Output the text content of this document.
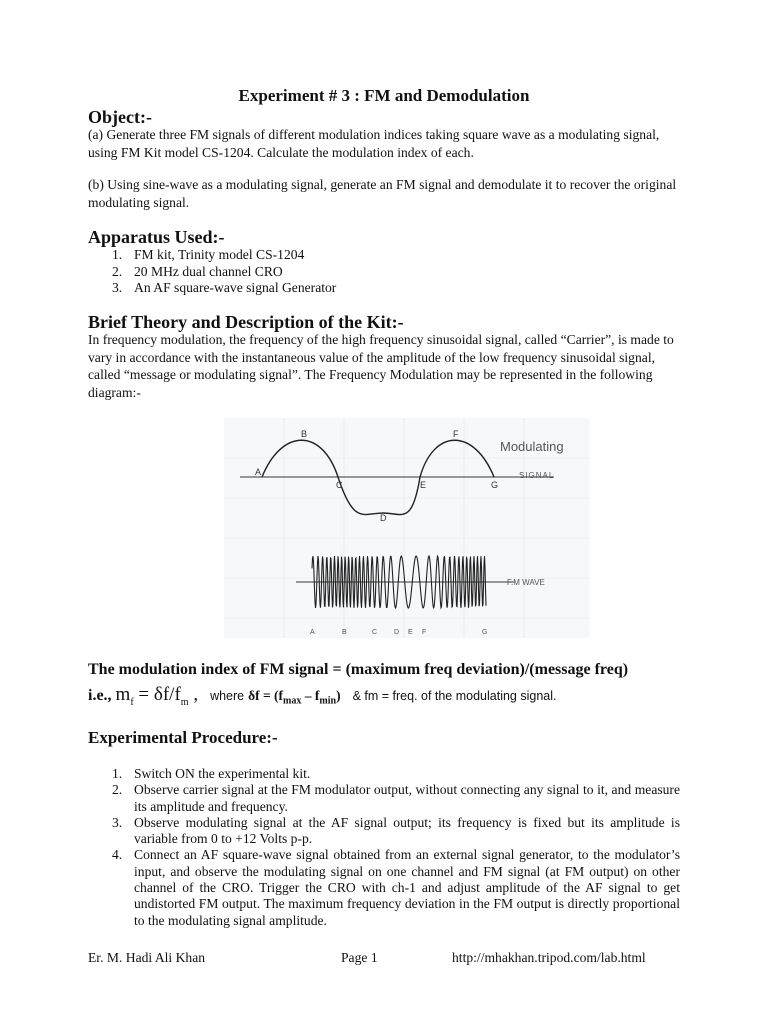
Experiment # 3 : FM and Demodulation
Object:-
(a) Generate three FM signals of different modulation indices taking square wave as a modulating signal, using FM Kit model CS-1204. Calculate the modulation index of each.
(b) Using sine-wave as a modulating signal, generate an FM signal and demodulate it to recover the original modulating signal.
Apparatus Used:-
1. FM kit, Trinity model CS-1204
2. 20 MHz dual channel CRO
3. An AF square-wave signal Generator
Brief Theory and Description of the Kit:-
In frequency modulation, the frequency of the high frequency sinusoidal signal, called “Carrier”, is made to vary in accordance with the instantaneous value of the amplitude of the low frequency sinusoidal signal, called “message or modulating signal”. The Frequency Modulation may be represented in the following diagram:-
A
B
C
D
E
F
G
Modulating
SIGNAL
F.M WAVE
A	B	C D E F	G
The modulation index of FM signal = (maximum freq deviation)/(message freq)
i.e., $m_f = \delta f/f_m$ , where $\delta f = (f_{max} - f_{min})$ & fm = freq. of the modulating signal.
Experimental Procedure:-
1. Switch ON the experimental kit.
2. Observe carrier signal at the FM modulator output, without connecting any signal to it, and measure its amplitude and frequency.
3. Observe modulating signal at the AF signal output; its frequency is fixed but its amplitude is variable from 0 to +12 Volts p-p.
4. Connect an AF square-wave signal obtained from an external signal generator, to the modulator’s input, and observe the modulating signal on one channel and FM signal (at FM output) on other channel of the CRO. Trigger the CRO with ch-1 and adjust amplitude of the AF signal to get undistorted FM output. The maximum frequency deviation in the FM output is directly proportional to the modulating signal amplitude.
Er. M. Hadi Ali Khan	Page 1	http://mhakhan.tripod.com/lab.html
